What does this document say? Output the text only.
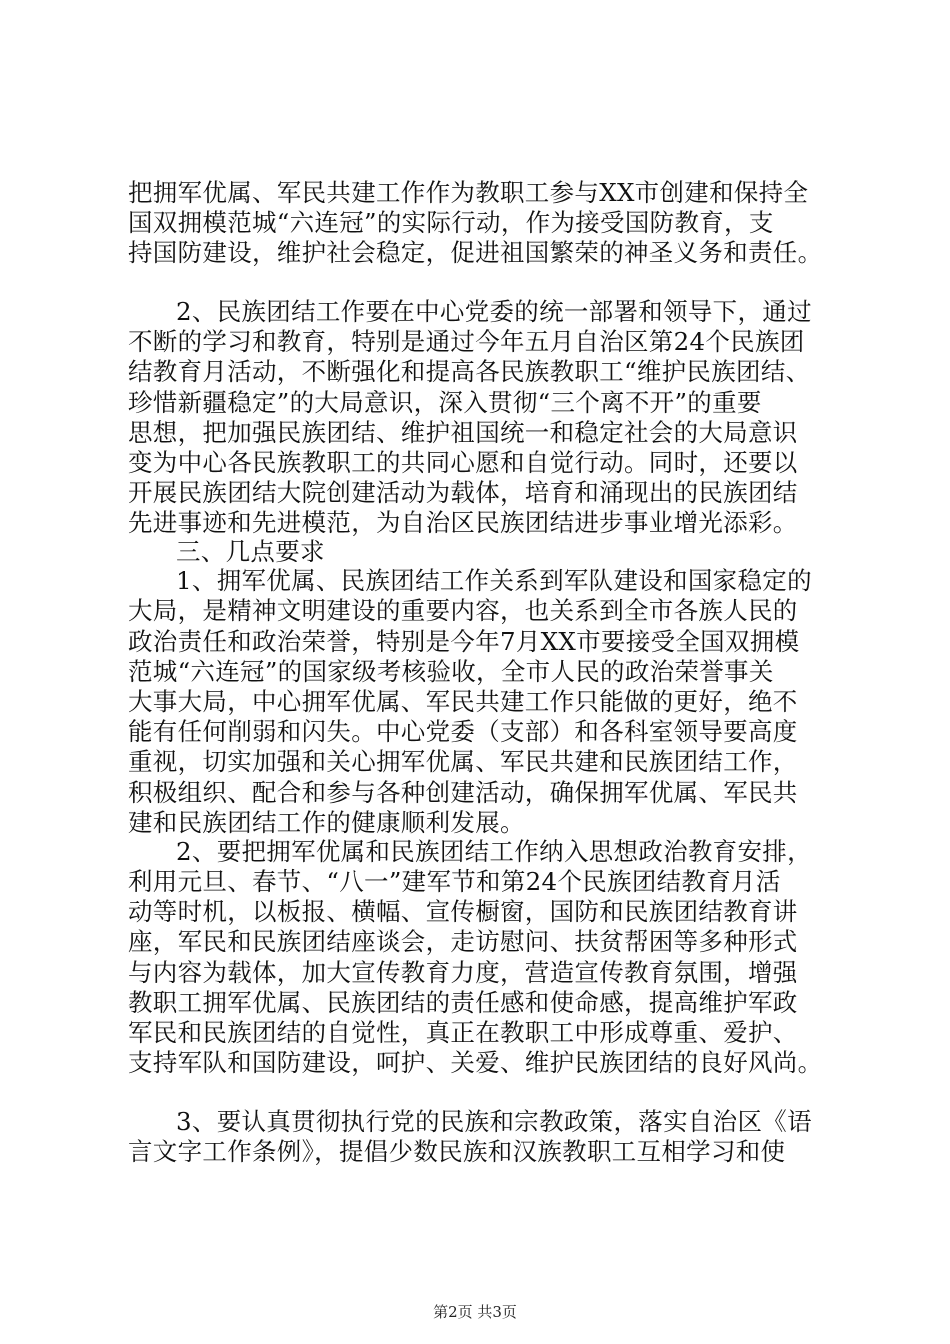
把拥军优属、军民共建工作作为教职工参与XX市创建和保持全
国双拥模范城“六连冠”的实际行动，作为接受国防教育，支
持国防建设，维护社会稳定，促进祖国繁荣的神圣义务和责任。
2、民族团结工作要在中心党委的统一部署和领导下，通过
不断的学习和教育，特别是通过今年五月自治区第24个民族团
结教育月活动，不断强化和提高各民族教职工“维护民族团结、
珍惜新疆稳定”的大局意识，深入贯彻“三个离不开”的重要
思想，把加强民族团结、维护祖国统一和稳定社会的大局意识
变为中心各民族教职工的共同心愿和自觉行动。同时，还要以
开展民族团结大院创建活动为载体，培育和涌现出的民族团结
先进事迹和先进模范，为自治区民族团结进步事业增光添彩。
三、几点要求
1、拥军优属、民族团结工作关系到军队建设和国家稳定的
大局，是精神文明建设的重要内容，也关系到全市各族人民的
政治责任和政治荣誉，特别是今年7月XX市要接受全国双拥模
范城“六连冠”的国家级考核验收，全市人民的政治荣誉事关
大事大局，中心拥军优属、军民共建工作只能做的更好，绝不
能有任何削弱和闪失。中心党委（支部）和各科室领导要高度
重视，切实加强和关心拥军优属、军民共建和民族团结工作，
积极组织、配合和参与各种创建活动，确保拥军优属、军民共
建和民族团结工作的健康顺利发展。
2、要把拥军优属和民族团结工作纳入思想政治教育安排，
利用元旦、春节、“八一”建军节和第24个民族团结教育月活
动等时机，以板报、横幅、宣传橱窗，国防和民族团结教育讲
座，军民和民族团结座谈会，走访慰问、扶贫帮困等多种形式
与内容为载体，加大宣传教育力度，营造宣传教育氛围，增强
教职工拥军优属、民族团结的责任感和使命感，提高维护军政
军民和民族团结的自觉性，真正在教职工中形成尊重、爱护、
支持军队和国防建设，呵护、关爱、维护民族团结的良好风尚。
3、要认真贯彻执行党的民族和宗教政策，落实自治区《语
言文字工作条例》，提倡少数民族和汉族教职工互相学习和使
第2页 共3页
